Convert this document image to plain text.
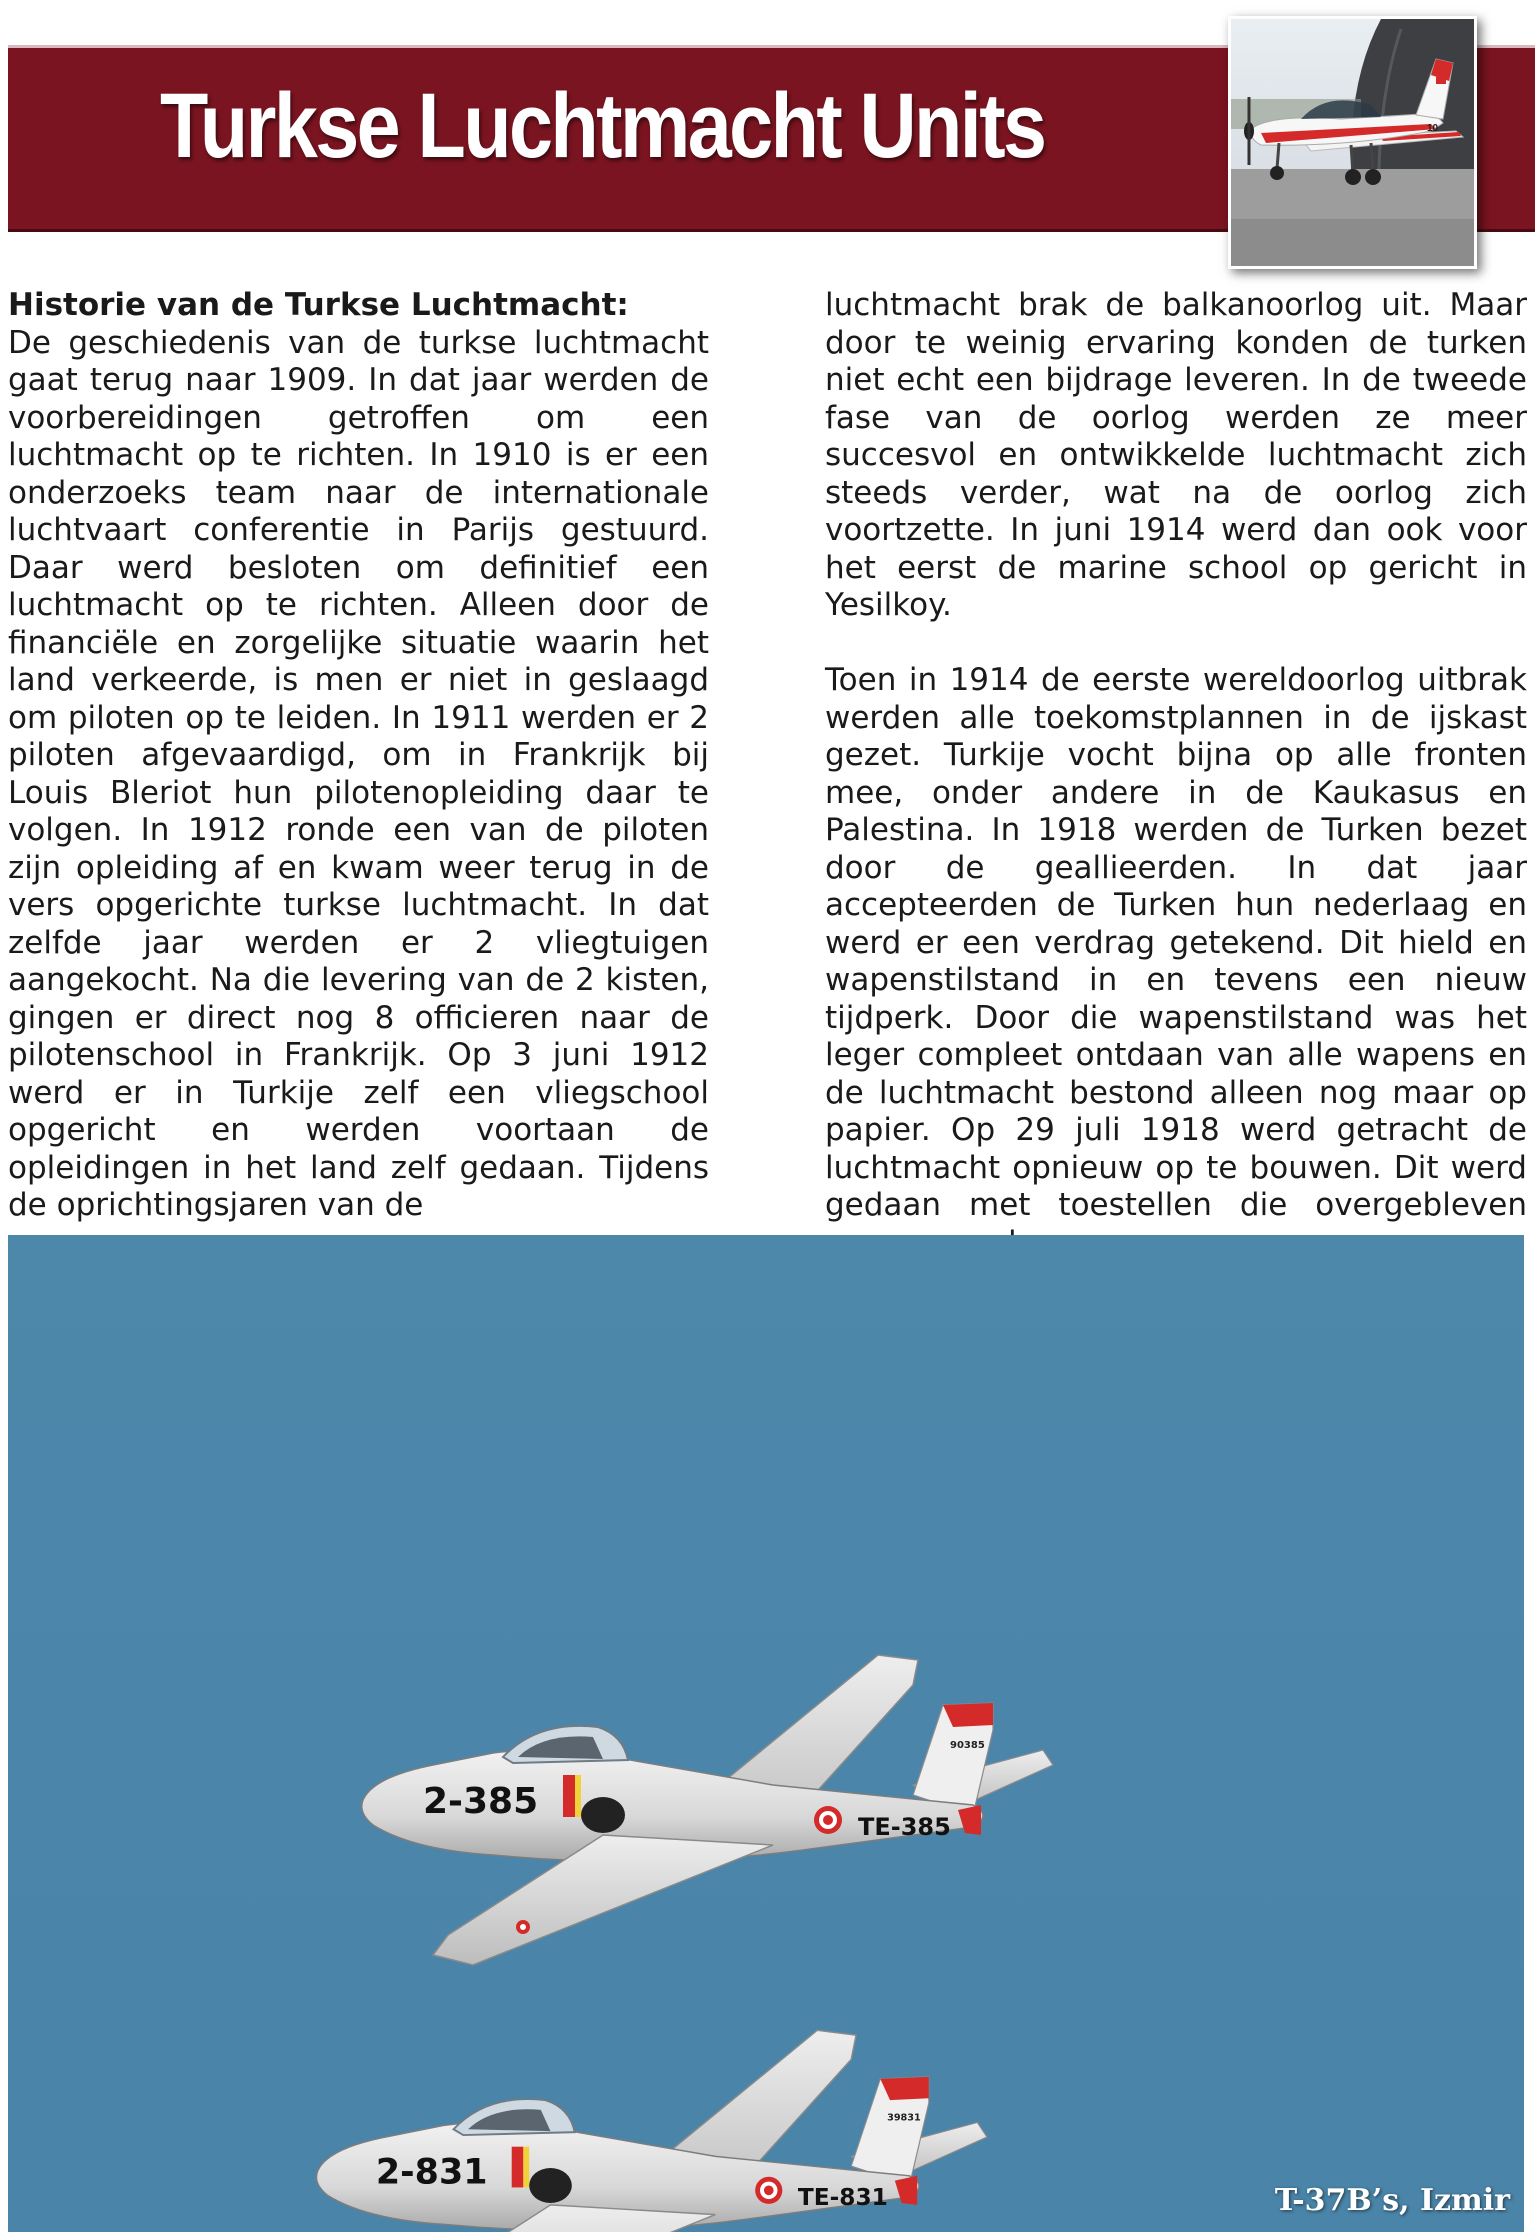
Turkse Luchtmacht Units	10

Historie van de Turkse Luchtmacht:
De geschiedenis van de turkse luchtmacht gaat terug naar 1909. In dat jaar werden de voorbereidingen getroffen om een luchtmacht op te richten. In 1910 is er een onderzoeks team naar de internationale luchtvaart conferentie in Parijs gestuurd. Daar werd besloten om definitief een luchtmacht op te richten. Alleen door de financiële en zorgelijke situatie waarin het land verkeerde, is men er niet in geslaagd om piloten op te leiden. In 1911 werden er 2 piloten afgevaardigd, om in Frankrijk bij Louis Bleriot hun pilotenopleiding daar te volgen. In 1912 ronde een van de piloten zijn opleiding af en kwam weer terug in de vers opgerichte turkse luchtmacht. In dat zelfde jaar werden er 2 vliegtuigen aangekocht. Na die levering van de 2 kisten, gingen er direct nog 8 officieren naar de pilotenschool in Frankrijk. Op 3 juni 1912 werd er in Turkije zelf een vliegschool opgericht en werden voortaan de opleidingen in het land zelf gedaan. Tijdens de oprichtingsjaren van de

luchtmacht brak de balkanoorlog uit. Maar door te weinig ervaring konden de turken niet echt een bijdrage leveren. In de tweede fase van de oorlog werden ze meer succesvol en ontwikkelde luchtmacht zich steeds verder, wat na de oorlog zich voortzette. In juni 1914 werd dan ook voor het eerst de marine school op gericht in Yesilkoy.

Toen in 1914 de eerste wereldoorlog uitbrak werden alle toekomstplannen in de ijskast gezet. Turkije vocht bijna op alle fronten mee, onder andere in de Kaukasus en Palestina. In 1918 werden de Turken bezet door de geallieerden. In dat jaar accepteerden de Turken hun nederlaag en werd er een verdrag getekend. Dit hield en wapenstilstand in en tevens een nieuw tijdperk. Door die wapenstilstand was het leger compleet ontdaan van alle wapens en de luchtmacht bestond alleen nog maar op papier. Op 29 juli 1918 werd getracht de luchtmacht opnieuw op te bouwen. Dit werd gedaan met toestellen die overgebleven

2-385
TE-385
90385
2-831
TE-831
39831
T-37B’s, Izmir
